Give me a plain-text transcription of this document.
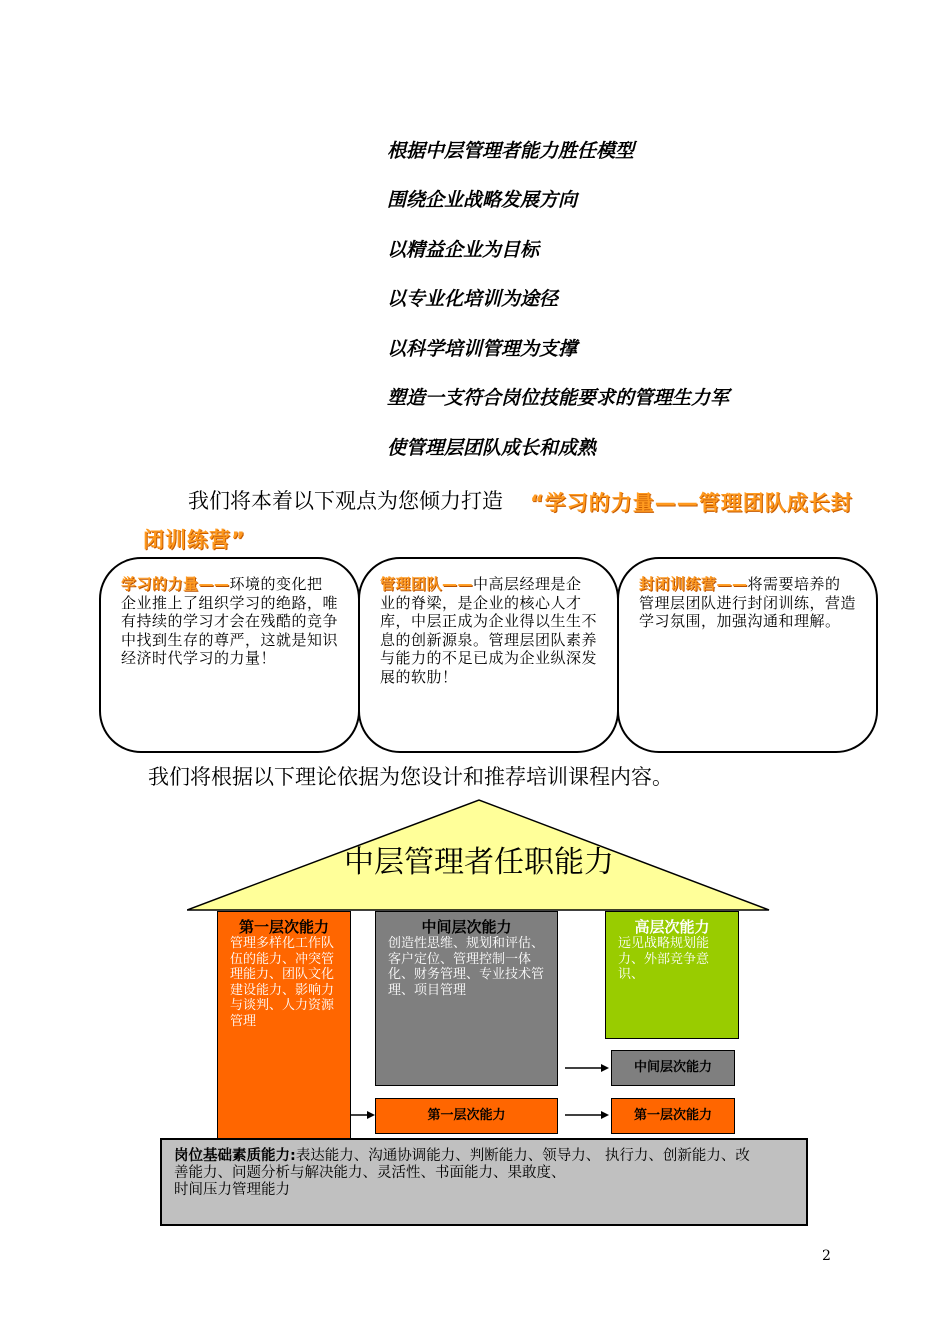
根据中层管理者能力胜任模型
围绕企业战略发展方向
以精益企业为目标
以专业化培训为途径
以科学培训管理为支撑
塑造一支符合岗位技能要求的管理生力军
使管理层团队成长和成熟
我们将本着以下观点为您倾力打造 “学习的力量——管理团队成长封
闭训练营”
学习的力量——环境的变化把企业推上了组织学习的绝路，唯有持续的学习才会在残酷的竞争中找到生存的尊严，这就是知识经济时代学习的力量！
管理团队——中高层经理是企业的脊梁，是企业的核心人才库，中层正成为企业得以生生不息的创新源泉。管理层团队素养与能力的不足已成为企业纵深发展的软肋！
封闭训练营——将需要培养的管理层团队进行封闭训练，营造学习氛围，加强沟通和理解。
我们将根据以下理论依据为您设计和推荐培训课程内容。
中层管理者任职能力
第一层次能力
管理多样化工作队伍的能力、冲突管理能力、团队文化建设能力、影响力与谈判、人力资源管理
中间层次能力
创造性思维、规划和评估、客户定位、管理控制一体化、财务管理、专业技术管理、项目管理
高层次能力
远见战略规划能力、外部竞争意识、
中间层次能力
第一层次能力	第一层次能力
岗位基础素质能力:表达能力、沟通协调能力、判断能力、领导力、 执行力、创新能力、改
善能力、问题分析与解决能力、灵活性、书面能力、果敢度、
时间压力管理能力
2
